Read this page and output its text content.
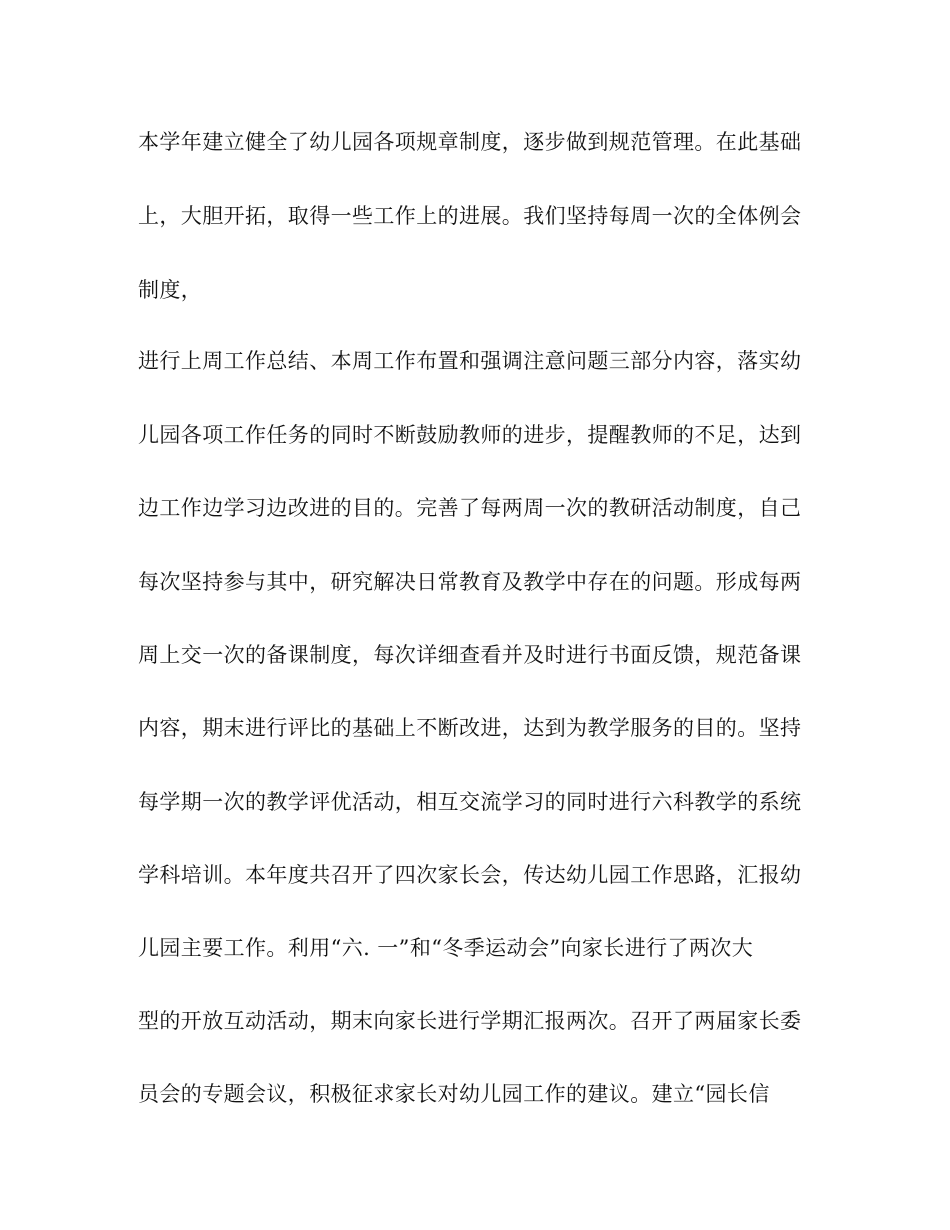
本学年建立健全了幼儿园各项规章制度，逐步做到规范管理。在此基础
上，大胆开拓，取得一些工作上的进展。我们坚持每周一次的全体例会
制度，
进行上周工作总结、本周工作布置和强调注意问题三部分内容，落实幼
儿园各项工作任务的同时不断鼓励教师的进步，提醒教师的不足，达到
边工作边学习边改进的目的。完善了每两周一次的教研活动制度，自己
每次坚持参与其中，研究解决日常教育及教学中存在的问题。形成每两
周上交一次的备课制度，每次详细查看并及时进行书面反馈，规范备课
内容，期末进行评比的基础上不断改进，达到为教学服务的目的。坚持
每学期一次的教学评优活动，相互交流学习的同时进行六科教学的系统
学科培训。本年度共召开了四次家长会，传达幼儿园工作思路，汇报幼
儿园主要工作。利用“六. 一”和“冬季运动会”向家长进行了两次大
型的开放互动活动，期末向家长进行学期汇报两次。召开了两届家长委
员会的专题会议，积极征求家长对幼儿园工作的建议。建立“园长信
